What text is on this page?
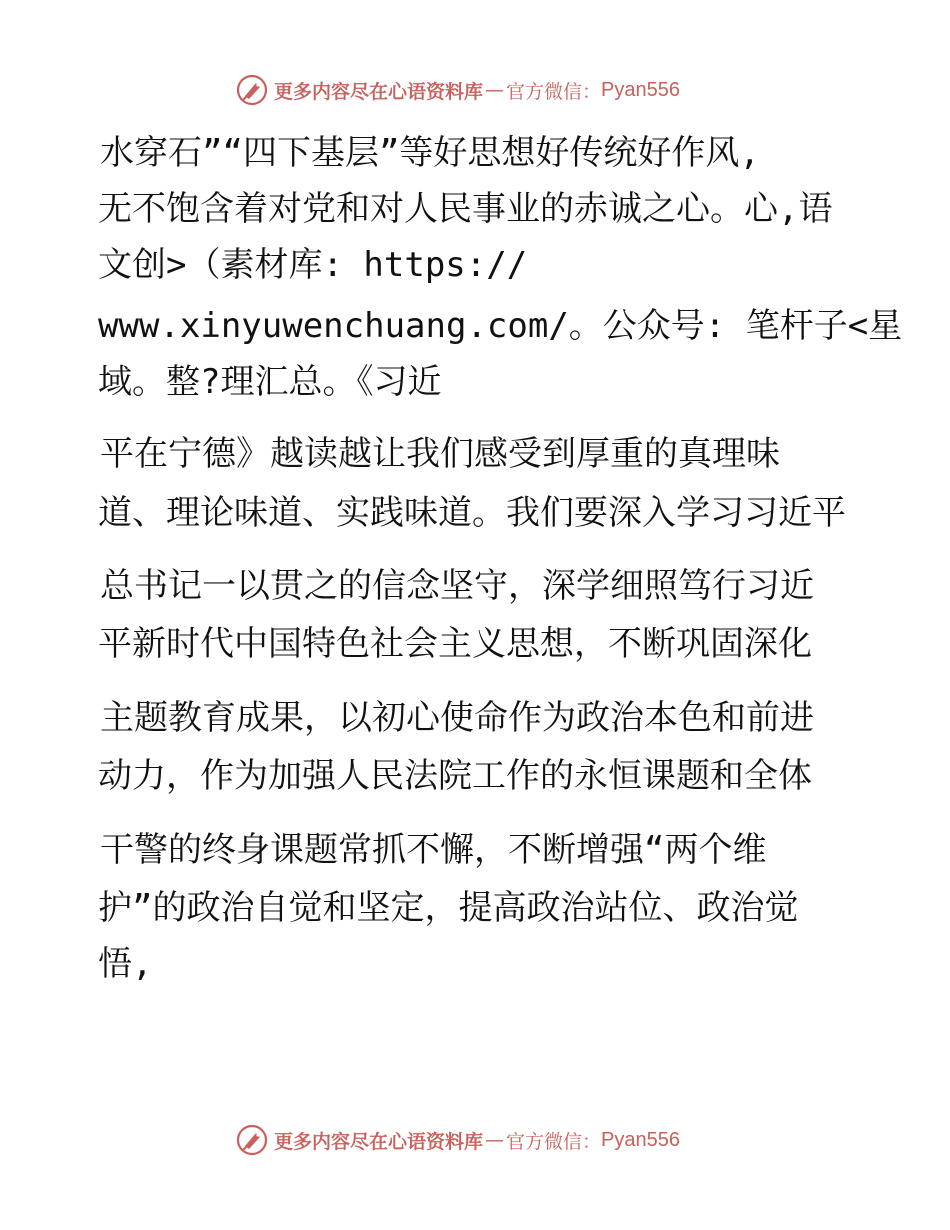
更多内容尽在心语资料库 — 官方微信： Pyan556
水穿石”“四下基层”等好思想好传统好作风,
无不饱含着对党和对人民事业的赤诚之心。心,语
文创>（素材库: https://
www.xinyuwenchuang.com/。公众号: 笔杆子<星
域。整?理汇总。《习近
平在宁德》越读越让我们感受到厚重的真理味
道、理论味道、实践味道。我们要深入学习习近平
总书记一以贯之的信念坚守，深学细照笃行习近
平新时代中国特色社会主义思想，不断巩固深化
主题教育成果，以初心使命作为政治本色和前进
动力，作为加强人民法院工作的永恒课题和全体
干警的终身课题常抓不懈，不断增强“两个维
护”的政治自觉和坚定，提高政治站位、政治觉
悟,
更多内容尽在心语资料库 — 官方微信： Pyan556
